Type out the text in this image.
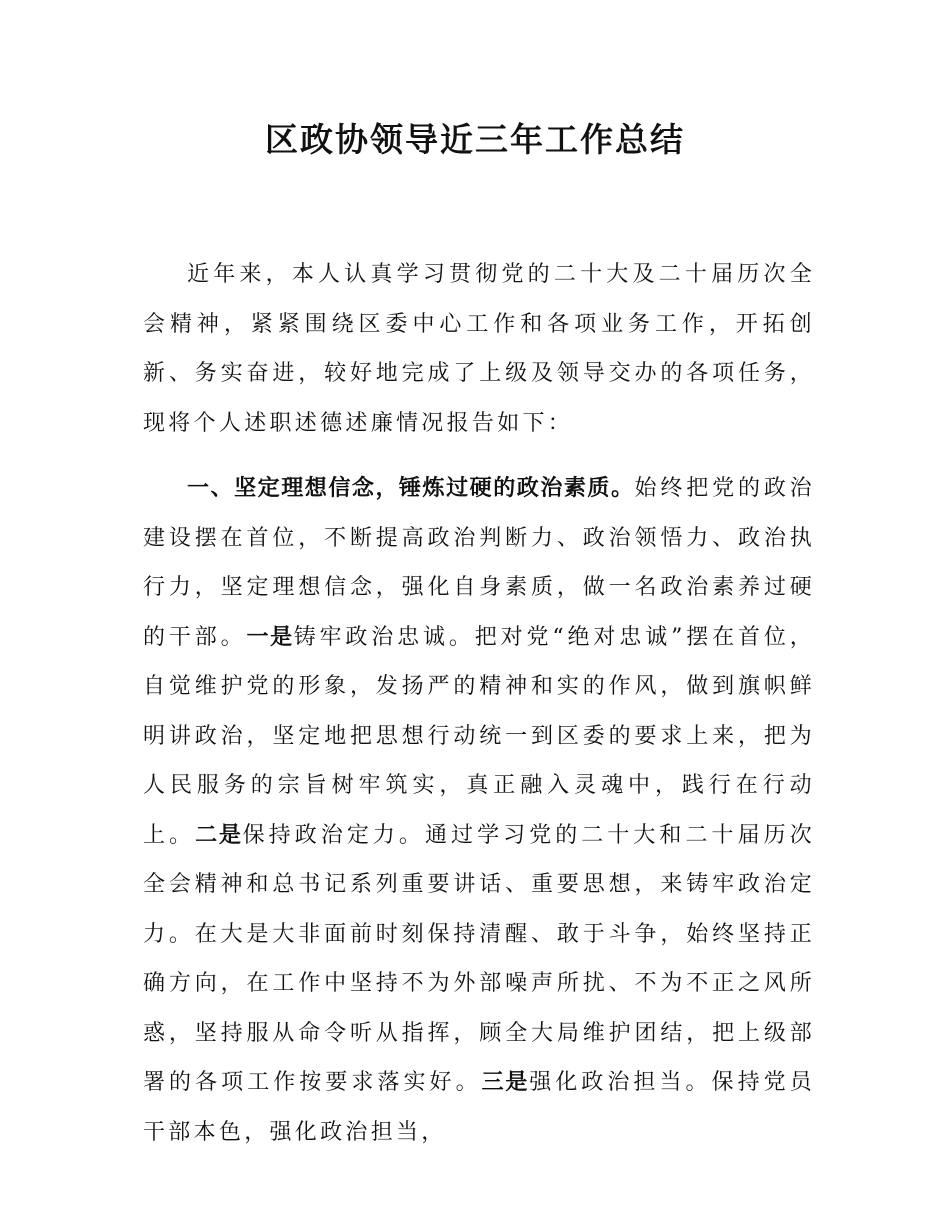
区政协领导近三年工作总结

近年来，本人认真学习贯彻党的二十大及二十届历次全会精神，紧紧围绕区委中心工作和各项业务工作，开拓创新、务实奋进，较好地完成了上级及领导交办的各项任务，现将个人述职述德述廉情况报告如下：

一、坚定理想信念，锤炼过硬的政治素质。始终把党的政治建设摆在首位，不断提高政治判断力、政治领悟力、政治执行力，坚定理想信念，强化自身素质，做一名政治素养过硬的干部。一是铸牢政治忠诚。把对党“绝对忠诚”摆在首位，自觉维护党的形象，发扬严的精神和实的作风，做到旗帜鲜明讲政治，坚定地把思想行动统一到区委的要求上来，把为人民服务的宗旨树牢筑实，真正融入灵魂中，践行在行动上。二是保持政治定力。通过学习党的二十大和二十届历次全会精神和总书记系列重要讲话、重要思想，来铸牢政治定力。在大是大非面前时刻保持清醒、敢于斗争，始终坚持正确方向，在工作中坚持不为外部噪声所扰、不为不正之风所惑，坚持服从命令听从指挥，顾全大局维护团结，把上级部署的各项工作按要求落实好。三是强化政治担当。保持党员干部本色，强化政治担当，
